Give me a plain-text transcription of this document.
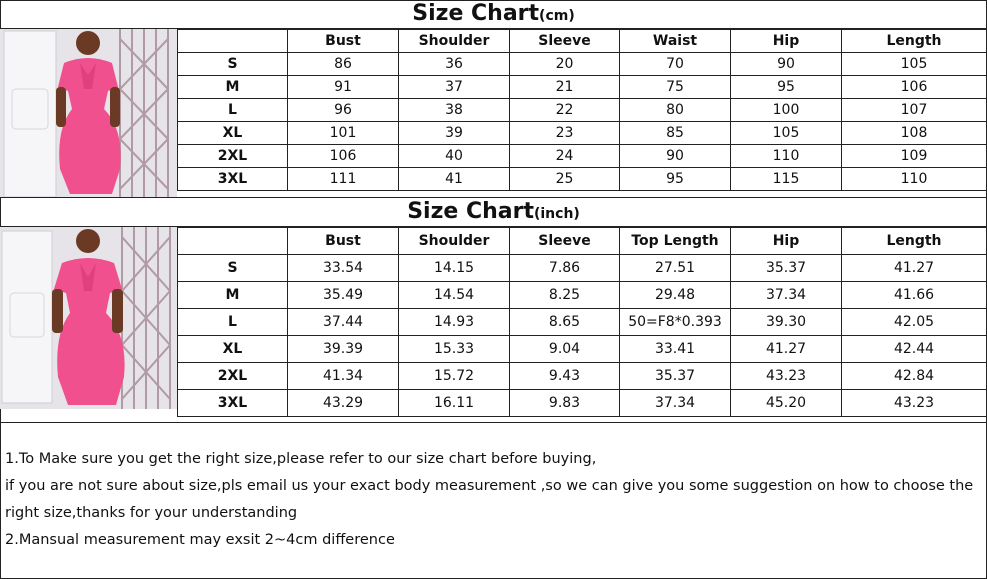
Size Chart(cm)
	Bust	Shoulder	Sleeve	Waist	Hip	Length
S	86	36	20	70	90	105
M	91	37	21	75	95	106
L	96	38	22	80	100	107
XL	101	39	23	85	105	108
2XL	106	40	24	90	110	109
3XL	111	41	25	95	115	110
Size Chart(inch)
	Bust	Shoulder	Sleeve	Top Length	Hip	Length
S	33.54	14.15	7.86	27.51	35.37	41.27
M	35.49	14.54	8.25	29.48	37.34	41.66
L	37.44	14.93	8.65	50=F8*0.393	39.30	42.05
XL	39.39	15.33	9.04	33.41	41.27	42.44
2XL	41.34	15.72	9.43	35.37	43.23	42.84
3XL	43.29	16.11	9.83	37.34	45.20	43.23

1.To Make sure you get the right size,please refer to our size chart before buying,

if you are not sure about size,pls email us your exact body measurement ,so we can give you some suggestion on how to choose the

right size,thanks for your understanding

2.Mansual measurement may exsit 2~4cm difference
